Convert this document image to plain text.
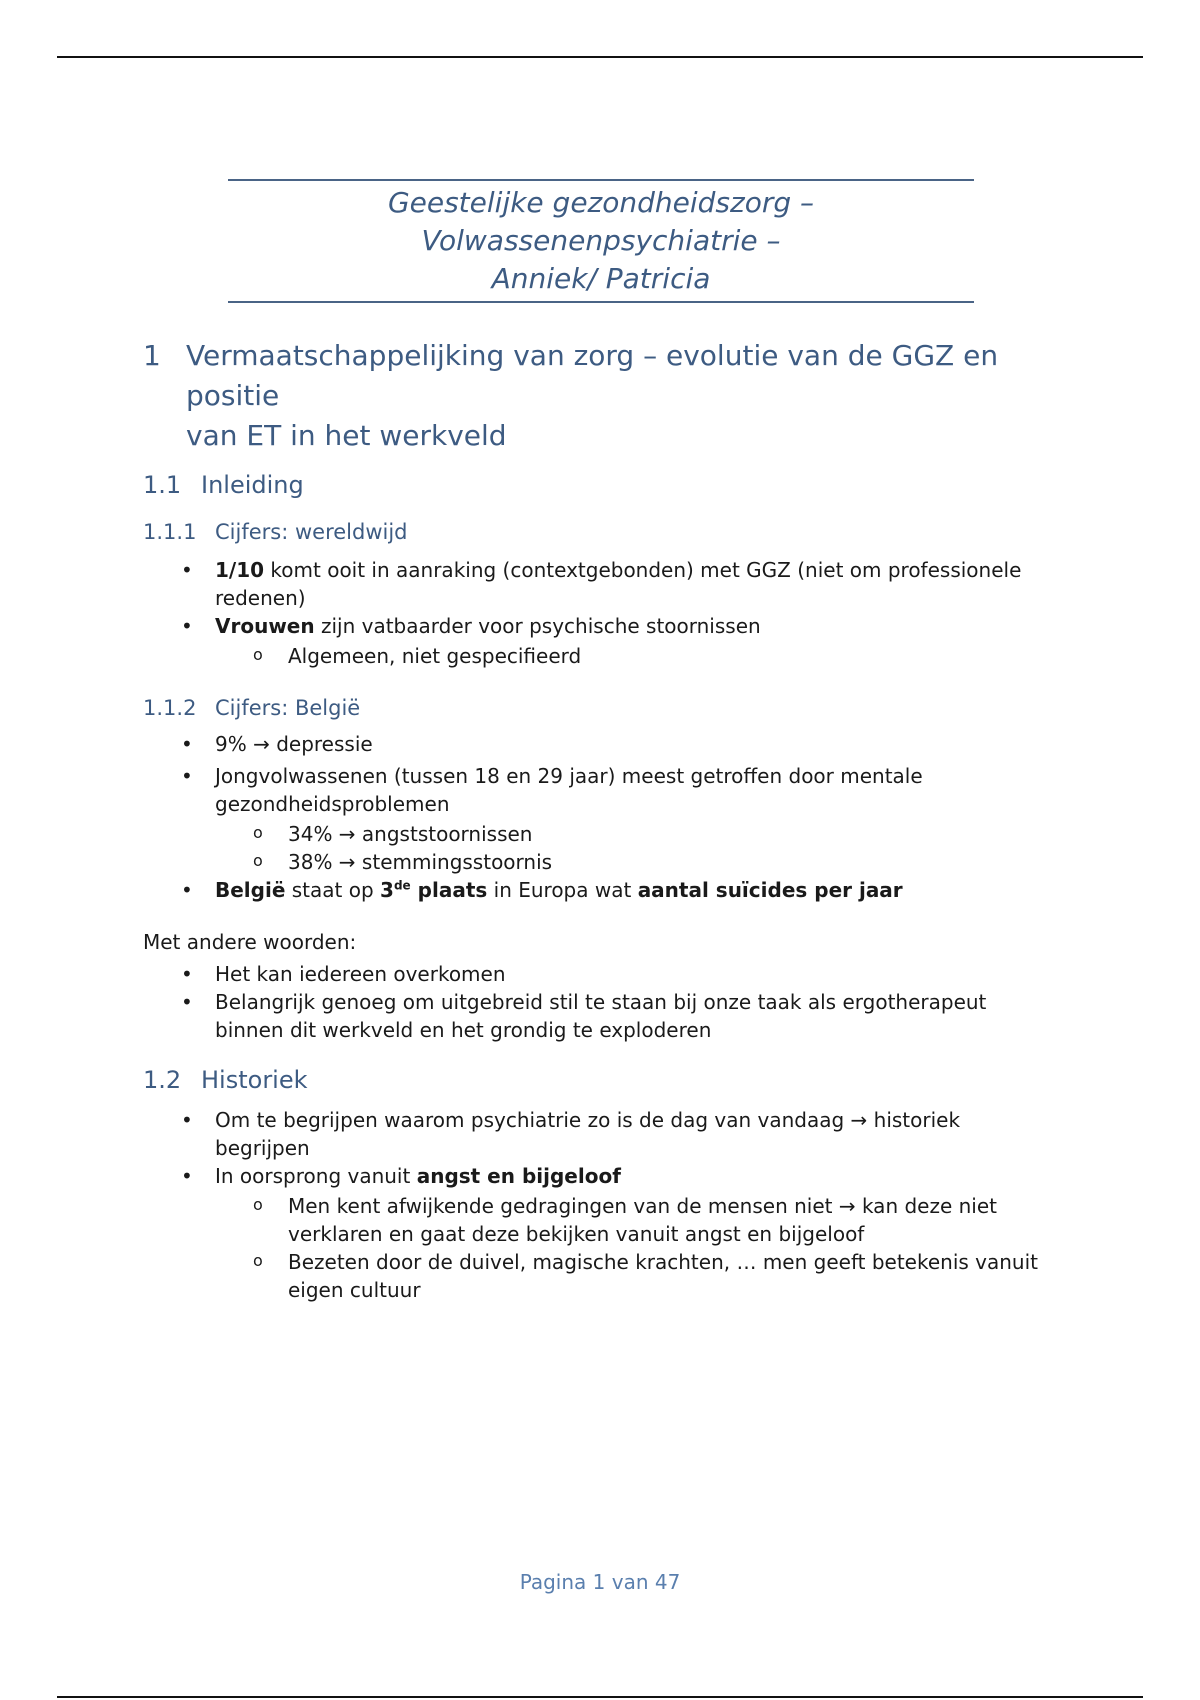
Geestelijke gezondheidszorg – Volwassenenpsychiatrie –
Anniek/ Patricia
1 Vermaatschappelijking van zorg – evolutie van de GGZ en positie
van ET in het werkveld
1.1 Inleiding
1.1.1 Cijfers: wereldwijd
• 1/10 komt ooit in aanraking (contextgebonden) met GGZ (niet om professionele redenen)
• Vrouwen zijn vatbaarder voor psychische stoornissen
o Algemeen, niet gespecifieerd
1.1.2 Cijfers: België
• 9% → depressie
• Jongvolwassenen (tussen 18 en 29 jaar) meest getroffen door mentale gezondheidsproblemen
o 34% → angststoornissen
o 38% → stemmingsstoornis
• België staat op 3de plaats in Europa wat aantal suïcides per jaar

Met andere woorden:

• Het kan iedereen overkomen
• Belangrijk genoeg om uitgebreid stil te staan bij onze taak als ergotherapeut binnen dit werkveld en het grondig te exploderen
1.2 Historiek
• Om te begrijpen waarom psychiatrie zo is de dag van vandaag → historiek begrijpen
• In oorsprong vanuit angst en bijgeloof
o Men kent afwijkende gedragingen van de mensen niet → kan deze niet verklaren en gaat deze bekijken vanuit angst en bijgeloof
o Bezeten door de duivel, magische krachten, … men geeft betekenis vanuit eigen cultuur
Pagina 1 van 47
